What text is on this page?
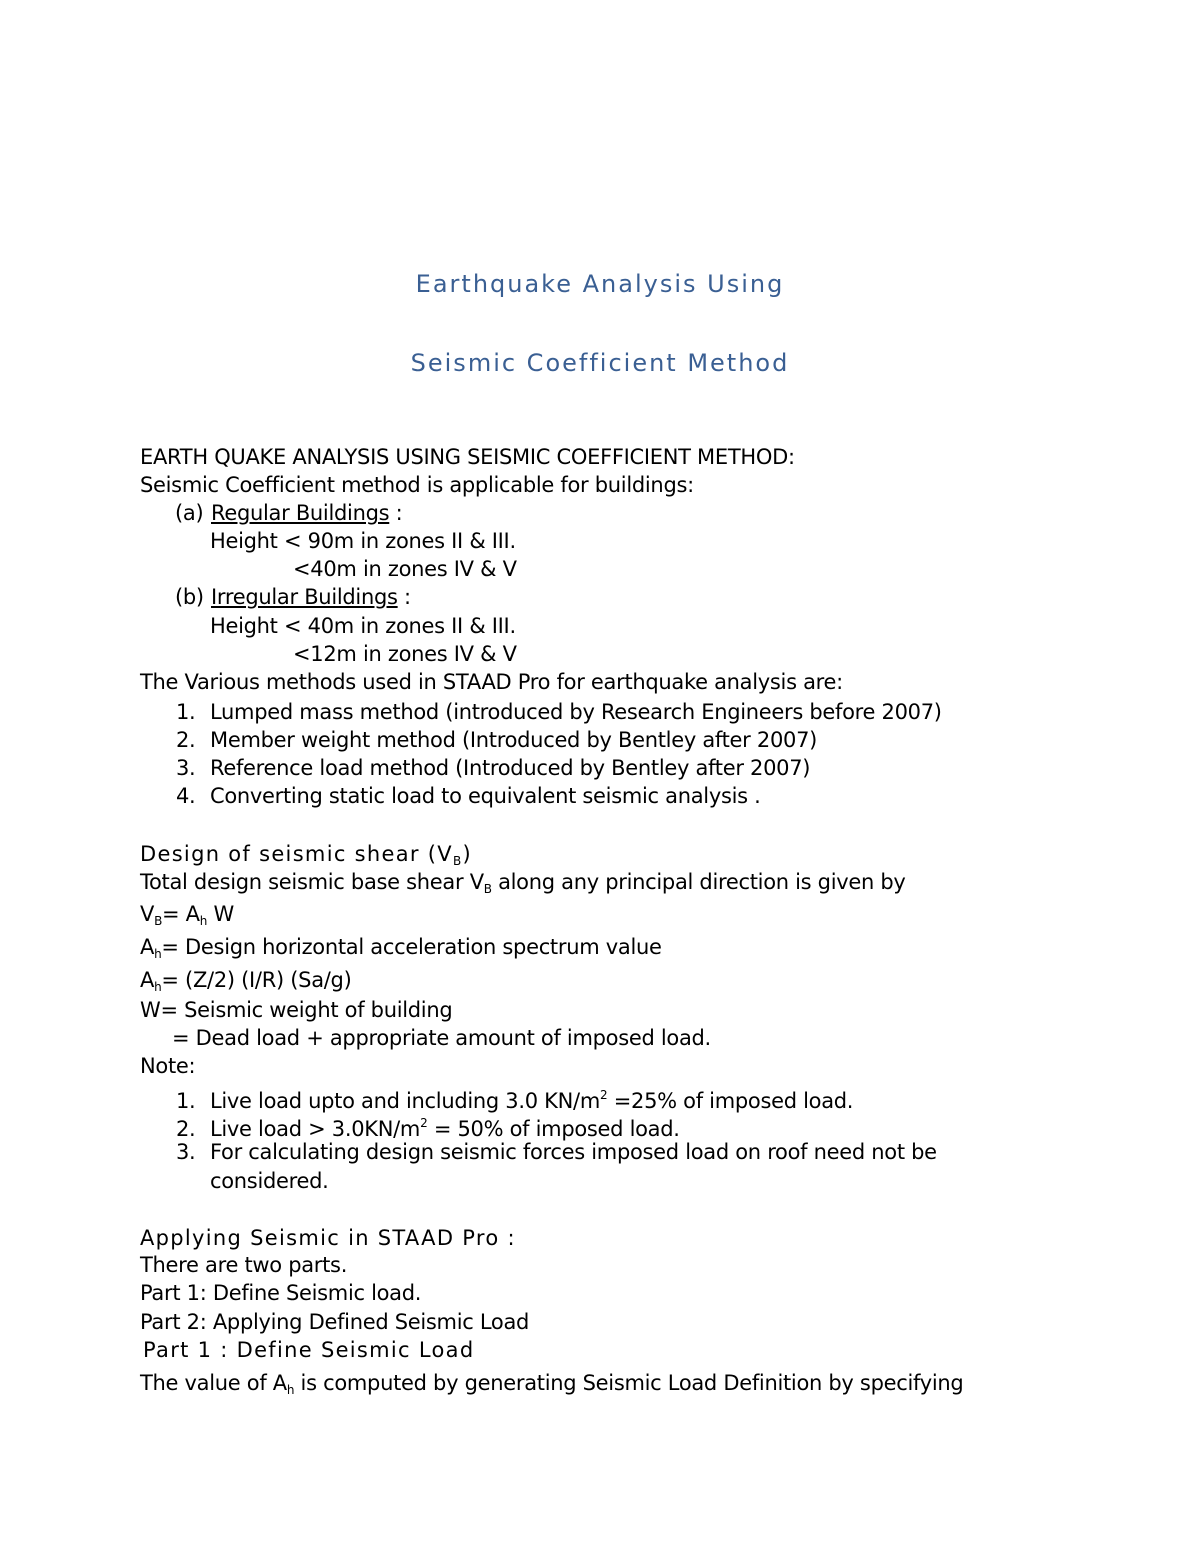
Earthquake Analysis Using
Seismic Coefficient Method
EARTH QUAKE ANALYSIS USING SEISMIC COEFFICIENT METHOD:
Seismic Coefficient method is applicable for buildings:
(a) Regular Buildings :
Height < 90m in zones II & III.
<40m in zones IV & V
(b) Irregular Buildings :
Height < 40m in zones II & III.
<12m in zones IV & V
The Various methods used in STAAD Pro for earthquake analysis are:
1. Lumped mass method (introduced by Research Engineers before 2007)
2. Member weight method (Introduced by Bentley after 2007)
3. Reference load method (Introduced by Bentley after 2007)
4. Converting static load to equivalent seismic analysis .
Design of seismic shear $(V_B)$
Total design seismic base shear $V_B$ along any principal direction is given by
$V_B= A_h$ W
$A_h=$ Design horizontal acceleration spectrum value
$A_h= (Z/2)$ (I/R) (Sa/g)
W= Seismic weight of building
= Dead load + appropriate amount of imposed load.
Note:
1. Live load upto and including 3.0 $KN/m^2 =25\%$ of imposed load.
2. Live load > $3.0KN/m^2 = 50\%$ of imposed load.
3. For calculating design seismic forces imposed load on roof need not be
considered.
Applying Seismic in STAAD Pro :
There are two parts.
Part 1: Define Seismic load.
Part 2: Applying Defined Seismic Load
Part 1 : Define Seismic Load
The value of $A_h$ is computed by generating Seismic Load Definition by specifying
